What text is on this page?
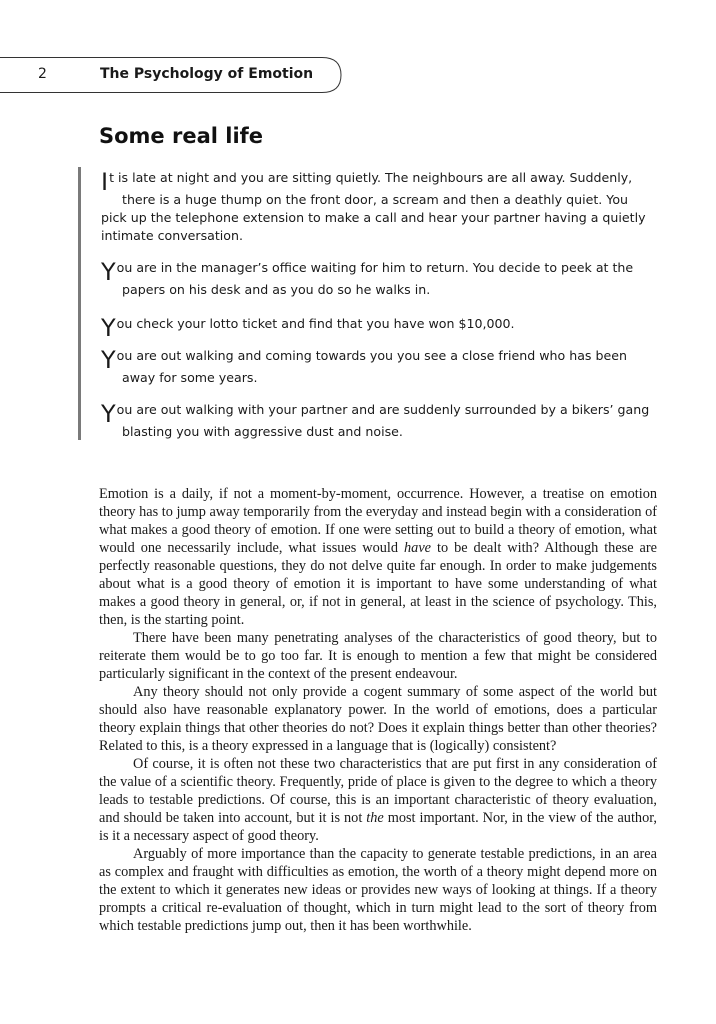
2	The Psychology of Emotion
Some real life
It is late at night and you are sitting quietly. The neighbours are all away. Suddenly,
there is a huge thump on the front door, a scream and then a deathly quiet. You
pick up the telephone extension to make a call and hear your partner having a quietly
intimate conversation.
You are in the manager’s office waiting for him to return. You decide to peek at the
papers on his desk and as you do so he walks in.
You check your lotto ticket and find that you have won $10,000.
You are out walking and coming towards you you see a close friend who has been
away for some years.
You are out walking with your partner and are suddenly surrounded by a bikers’ gang
blasting you with aggressive dust and noise.

Emotion is a daily, if not a moment-by-moment, occurrence. However, a treatise on emotion theory has to jump away temporarily from the everyday and instead begin with a consideration of what makes a good theory of emotion. If one were setting out to build a theory of emotion, what would one necessarily include, what issues would have to be dealt with? Although these are perfectly reasonable questions, they do not delve quite far enough. In order to make judgements about what is a good theory of emotion it is important to have some understanding of what makes a good theory in general, or, if not in general, at least in the science of psychology. This, then, is the starting point.

There have been many penetrating analyses of the characteristics of good theory, but to reiterate them would be to go too far. It is enough to mention a few that might be considered particularly significant in the context of the present endeavour.

Any theory should not only provide a cogent summary of some aspect of the world but should also have reasonable explanatory power. In the world of emotions, does a particular theory explain things that other theories do not? Does it explain things better than other theories? Related to this, is a theory expressed in a language that is (logically) consistent?

Of course, it is often not these two characteristics that are put first in any consideration of the value of a scientific theory. Frequently, pride of place is given to the degree to which a theory leads to testable predictions. Of course, this is an important characteristic of theory evaluation, and should be taken into account, but it is not the most important. Nor, in the view of the author, is it a necessary aspect of good theory.

Arguably of more importance than the capacity to generate testable predictions, in an area as complex and fraught with difficulties as emotion, the worth of a theory might depend more on the extent to which it generates new ideas or provides new ways of looking at things. If a theory prompts a critical re-evaluation of thought, which in turn might lead to the sort of theory from which testable predictions jump out, then it has been worthwhile.
